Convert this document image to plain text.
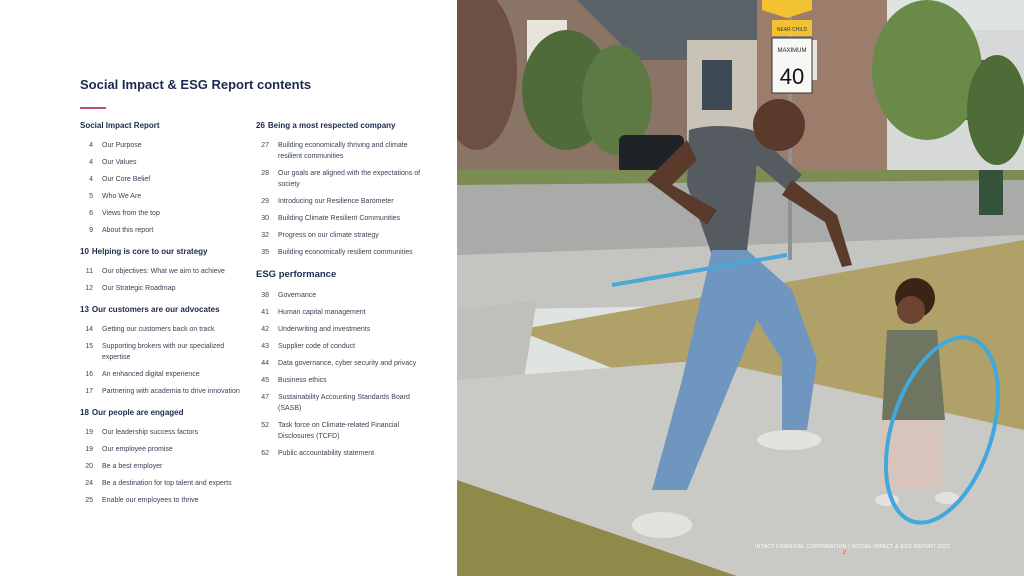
Social Impact & ESG Report contents
Social Impact Report
4 Our Purpose
4 Our Values
4 Our Core Belief
5 Who We Are
6 Views from the top
9 About this report
10 Helping is core to our strategy
11 Our objectives: What we aim to achieve
12 Our Strategic Roadmap
13 Our customers are our advocates
14 Getting our customers back on track
15 Supporting brokers with our specialized expertise
16 An enhanced digital experience
17 Partnering with academia to drive innovation
18 Our people are engaged
19 Our leadership success factors
19 Our employee promise
20 Be a best employer
24 Be a destination for top talent and experts
25 Enable our employees to thrive
26 Being a most respected company
27 Building economically thriving and climate resilient communities
28 Our goals are aligned with the expectations of society
29 Introducing our Resilience Barometer
30 Building Climate Resilient Communities
32 Progress on our climate strategy
35 Building economically resilient communities
ESG performance
38 Governance
41 Human capital management
42 Underwriting and investments
43 Supplier code of conduct
44 Data governance, cyber security and privacy
45 Business ethics
47 Sustainability Accounting Standards Board (SASB)
52 Task force on Climate-related Financial Disclosures (TCFD)
62 Public accountability statement
NEAR CHILD
MAXIMUM
40
INTACT FINANCIAL CORPORATION | SOCIAL IMPACT & ESG REPORT 2022 2
